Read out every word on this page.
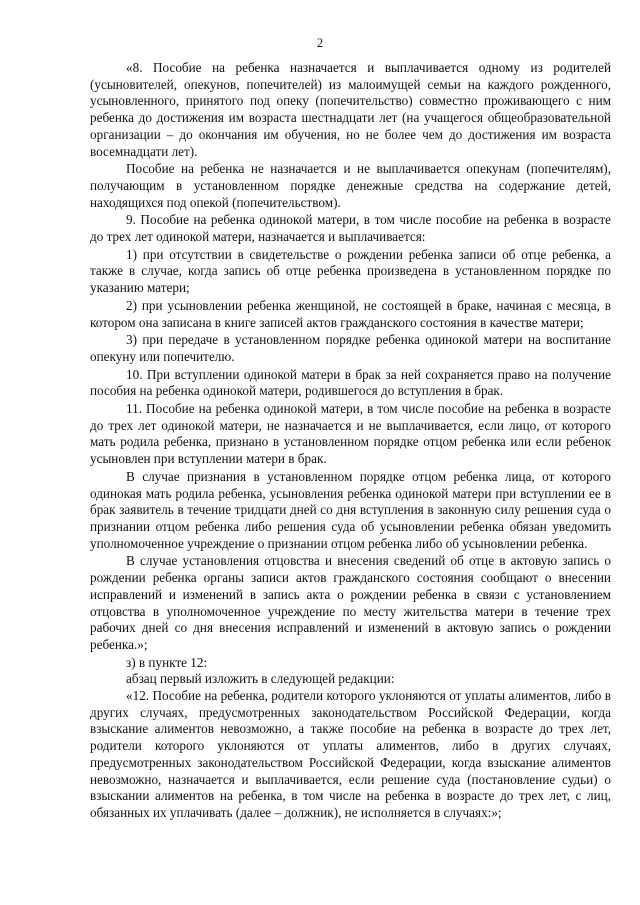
2

«8. Пособие на ребенка назначается и выплачивается одному из родителей (усыновителей, опекунов, попечителей) из малоимущей семьи на каждого рожденного, усыновленного, принятого под опеку (попечительство) совместно проживающего с ним ребенка до достижения им возраста шестнадцати лет (на учащегося общеобразовательной организации – до окончания им обучения, но не более чем до достижения им возраста восемнадцати лет).

Пособие на ребенка не назначается и не выплачивается опекунам (попечителям), получающим в установленном порядке денежные средства на содержание детей, находящихся под опекой (попечительством).

9. Пособие на ребенка одинокой матери, в том числе пособие на ребенка в возрасте до трех лет одинокой матери, назначается и выплачивается:

1) при отсутствии в свидетельстве о рождении ребенка записи об отце ребенка, а также в случае, когда запись об отце ребенка произведена в установленном порядке по указанию матери;

2) при усыновлении ребенка женщиной, не состоящей в браке, начиная с месяца, в котором она записана в книге записей актов гражданского состояния в качестве матери;

3) при передаче в установленном порядке ребенка одинокой матери на воспитание опекуну или попечителю.

10. При вступлении одинокой матери в брак за ней сохраняется право на получение пособия на ребенка одинокой матери, родившегося до вступления в брак.

11. Пособие на ребенка одинокой матери, в том числе пособие на ребенка в возрасте до трех лет одинокой матери, не назначается и не выплачивается, если лицо, от которого мать родила ребенка, признано в установленном порядке отцом ребенка или если ребенок усыновлен при вступлении матери в брак.

В случае признания в установленном порядке отцом ребенка лица, от которого одинокая мать родила ребенка, усыновления ребенка одинокой матери при вступлении ее в брак заявитель в течение тридцати дней со дня вступления в законную силу решения суда о признании отцом ребенка либо решения суда об усыновлении ребенка обязан уведомить уполномоченное учреждение о признании отцом ребенка либо об усыновлении ребенка.

В случае установления отцовства и внесения сведений об отце в актовую запись о рождении ребенка органы записи актов гражданского состояния сообщают о внесении исправлений и изменений в запись акта о рождении ребенка в связи с установлением отцовства в уполномоченное учреждение по месту жительства матери в течение трех рабочих дней со дня внесения исправлений и изменений в актовую запись о рождении ребенка.»;

з) в пункте 12:

абзац первый изложить в следующей редакции:

«12. Пособие на ребенка, родители которого уклоняются от уплаты алиментов, либо в других случаях, предусмотренных законодательством Российской Федерации, когда взыскание алиментов невозможно, а также пособие на ребенка в возрасте до трех лет, родители которого уклоняются от уплаты алиментов, либо в других случаях, предусмотренных законодательством Российской Федерации, когда взыскание алиментов невозможно, назначается и выплачивается, если решение суда (постановление судьи) о взыскании алиментов на ребенка, в том числе на ребенка в возрасте до трех лет, с лиц, обязанных их уплачивать (далее – должник), не исполняется в случаях:»;
